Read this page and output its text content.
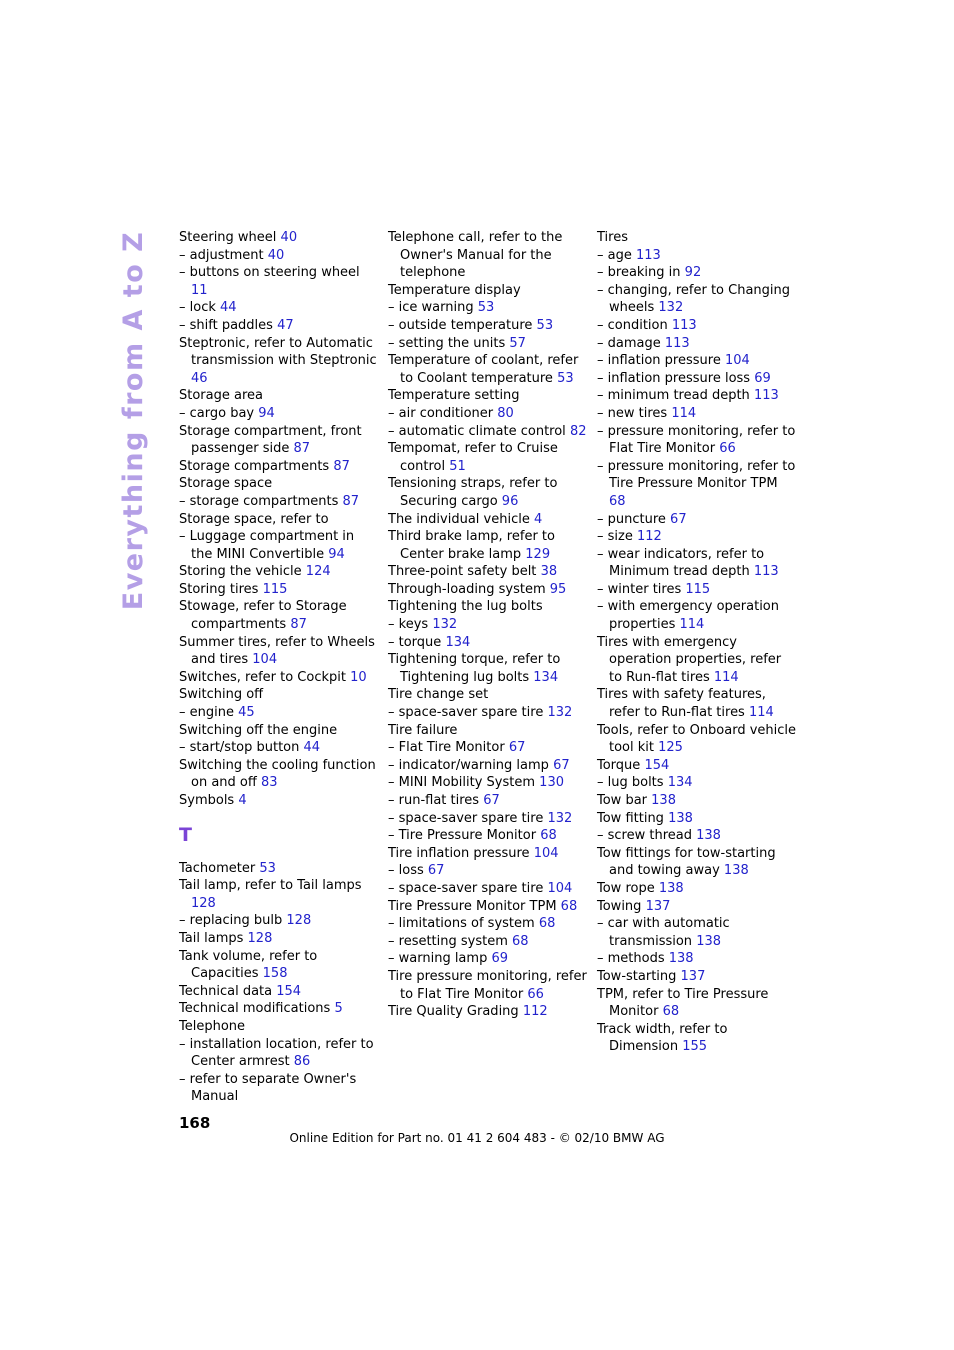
Everything from A to Z Steering wheel 40
– adjustment 40
– buttons on steering wheel 11
– lock 44
– shift paddles 47
Steptronic, refer to Automatic transmission with Steptronic 46
Storage area
– cargo bay 94
Storage compartment, front passenger side 87
Storage compartments 87
Storage space
– storage compartments 87
Storage space, refer to
– Luggage compartment in the MINI Convertible 94
Storing the vehicle 124
Storing tires 115
Stowage, refer to Storage compartments 87
Summer tires, refer to Wheels and tires 104
Switches, refer to Cockpit 10
Switching off
– engine 45
Switching off the engine
– start/stop button 44
Switching the cooling function on and off 83
Symbols 4
T
Tachometer 53
Tail lamp, refer to Tail lamps 128
– replacing bulb 128
Tail lamps 128
Tank volume, refer to Capacities 158
Technical data 154
Technical modifications 5
Telephone
– installation location, refer to Center armrest 86
– refer to separate Owner's Manual
Telephone call, refer to the Owner's Manual for the telephone
Temperature display
– ice warning 53
– outside temperature 53
– setting the units 57
Temperature of coolant, refer to Coolant temperature 53
Temperature setting
– air conditioner 80
– automatic climate control 82
Tempomat, refer to Cruise control 51
Tensioning straps, refer to Securing cargo 96
The individual vehicle 4
Third brake lamp, refer to Center brake lamp 129
Three-point safety belt 38
Through-loading system 95
Tightening the lug bolts
– keys 132
– torque 134
Tightening torque, refer to Tightening lug bolts 134
Tire change set
– space-saver spare tire 132
Tire failure
– Flat Tire Monitor 67
– indicator/warning lamp 67
– MINI Mobility System 130
– run-flat tires 67
– space-saver spare tire 132
– Tire Pressure Monitor 68
Tire inflation pressure 104
– loss 67
– space-saver spare tire 104
Tire Pressure Monitor TPM 68
– limitations of system 68
– resetting system 68
– warning lamp 69
Tire pressure monitoring, refer to Flat Tire Monitor 66
Tire Quality Grading 112
Tires
– age 113
– breaking in 92
– changing, refer to Changing wheels 132
– condition 113
– damage 113
– inflation pressure 104
– inflation pressure loss 69
– minimum tread depth 113
– new tires 114
– pressure monitoring, refer to Flat Tire Monitor 66
– pressure monitoring, refer to Tire Pressure Monitor TPM 68
– puncture 67
– size 112
– wear indicators, refer to Minimum tread depth 113
– winter tires 115
– with emergency operation properties 114
Tires with emergency operation properties, refer to Run-flat tires 114
Tires with safety features, refer to Run-flat tires 114
Tools, refer to Onboard vehicle tool kit 125
Torque 154
– lug bolts 134
Tow bar 138
Tow fitting 138
– screw thread 138
Tow fittings for tow-starting and towing away 138
Tow rope 138
Towing 137
– car with automatic transmission 138
– methods 138
Tow-starting 137
TPM, refer to Tire Pressure Monitor 68
Track width, refer to Dimension 155
168
Online Edition for Part no. 01 41 2 604 483 - © 02/10 BMW AG
